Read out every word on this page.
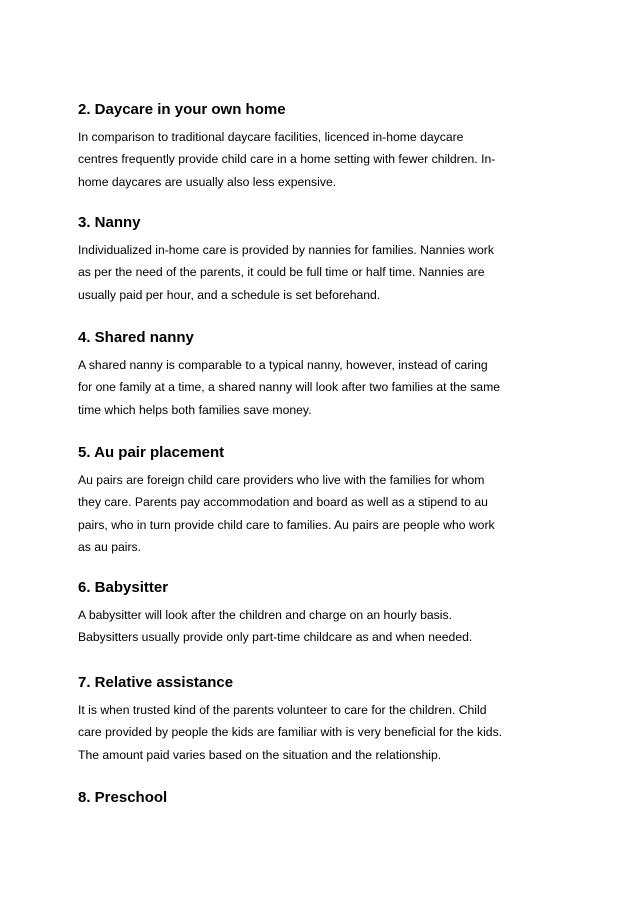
2. Daycare in your own home

In comparison to traditional daycare facilities, licenced in-home daycare
centres frequently provide child care in a home setting with fewer children. In-
home daycares are usually also less expensive.

3. Nanny

Individualized in-home care is provided by nannies for families. Nannies work
as per the need of the parents, it could be full time or half time. Nannies are
usually paid per hour, and a schedule is set beforehand.

4. Shared nanny

A shared nanny is comparable to a typical nanny, however, instead of caring
for one family at a time, a shared nanny will look after two families at the same
time which helps both families save money.

5. Au pair placement

Au pairs are foreign child care providers who live with the families for whom
they care. Parents pay accommodation and board as well as a stipend to au
pairs, who in turn provide child care to families. Au pairs are people who work
as au pairs.

6. Babysitter

A babysitter will look after the children and charge on an hourly basis.
Babysitters usually provide only part-time childcare as and when needed.

7. Relative assistance

It is when trusted kind of the parents volunteer to care for the children. Child
care provided by people the kids are familiar with is very beneficial for the kids.
The amount paid varies based on the situation and the relationship.

8. Preschool
